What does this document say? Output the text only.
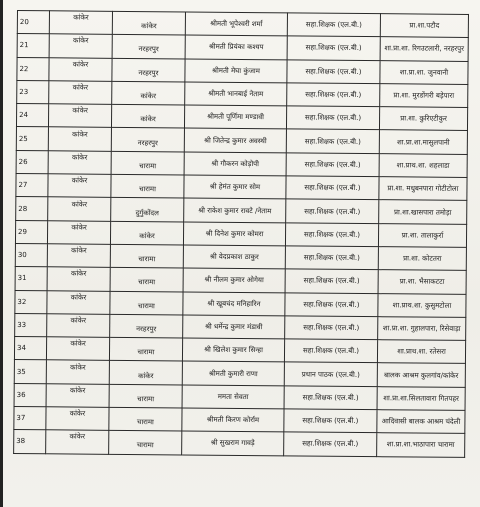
20	कांकेर	कांकेर	श्रीमती भूपेश्वरी शर्मा	सहा.शिक्षक (एल.बी.)	प्रा.शा.पटौद
21	कांकेर	नरहरपुर	श्रीमती प्रियंका कश्यप	सहा.शिक्षक (एल.बी.)	शा.प्रा.शा. रिगउटलारी, नरहरपुर
22	कांकेर	नरहरपुर	श्रीमती मेघा कुंजाम	सहा.शिक्षक (एल.बी.)	शा.प्रा.शा. जुनवानी
23	कांकेर	कांकेर	श्रीमती भानबाई नेताम	सहा.शिक्षक (एल.बी.)	प्रा.शा. मुरडोंगरी बड़ेपारा
24	कांकेर	कांकेर	श्रीमती पूर्णिमा मण्डावी	सहा.शिक्षक (एल.बी.)	प्रा.शा. कुरिएटीकुर
25	कांकेर	नरहरपुर	श्री जितेन्द्र कुमार अवस्थी	सहा.शिक्षक (एल.बी.)	शा.प्रा.शा.मासुलपानी
26	कांकेर	चारामा	श्री गौकरन कोड़ोपी	सहा.शिक्षक (एल.बी.)	शा.प्राथ.शा. शहलाडा
27	कांकेर	चारामा	श्री हेमंत कुमार सोम	सहा.शिक्षक (एल.बी.)	प्रा.शा. मधुबनपारा गोटीटोला
28	कांकेर	दुर्गुकोंदल	श्री राकेश कुमार रावटे /नेताम	सहा.शिक्षक (एल.बी.)	प्रा.शा.खासपारा तमोड़ा
29	कांकेर	कांकेर	श्री दिनेश कुमार कोमरा	सहा.शिक्षक (एल.बी.)	प्रा.शा. तालाकुर्रा
30	कांकेर	चारामा	श्री वेदप्रकाश ठाकुर	सहा.शिक्षक (एल.बी.)	प्रा.शा. कोटतरा
31	कांकेर	चारामा	श्री नीलम कुमार ओगेया	सहा.शिक्षक (एल.बी.)	प्रा.शा. भैसाकटटा
32	कांकेर	चारामा	श्री खूबचंद मनिहारिन	सहा.शिक्षक (एल.बी.)	शा.प्राथ.शा. कुसुमटोला
33	कांकेर	नरहरपुर	श्री धर्मेन्द्र कुमार मंडावी	सहा.शिक्षक (एल.बी.)	शा.प्रा.शा. गुहालपारा, रिसेवाड़ा
34	कांकेर	चारामा	श्री खिलेश कुमार सिन्हा	सहा.शिक्षक (एल.बी.)	शा.प्राथ.शा. रतेसरा
35	कांकेर	कांकेर	श्रीमती कुमारी राणा	प्रधान पाठक (एल.बी.)	बालक आश्रम कुलगांव/कांकेर
36	कांकेर	चारामा	ममता सेवता	सहा.शिक्षक (एल.बी.)	शा.प्रा.शा.सिलतावारा गितपहर
37	कांकेर	चारामा	श्रीमती किरण कोर्राम	सहा.शिक्षक (एल.बी.)	आदिवासी बालक आश्रम चंदेली
38	कांकेर	चारामा	श्री सुखराम गावड़े	सहा.शिक्षक (एल.बी.)	शा.प्रा.शा.भाठापारा चारामा
